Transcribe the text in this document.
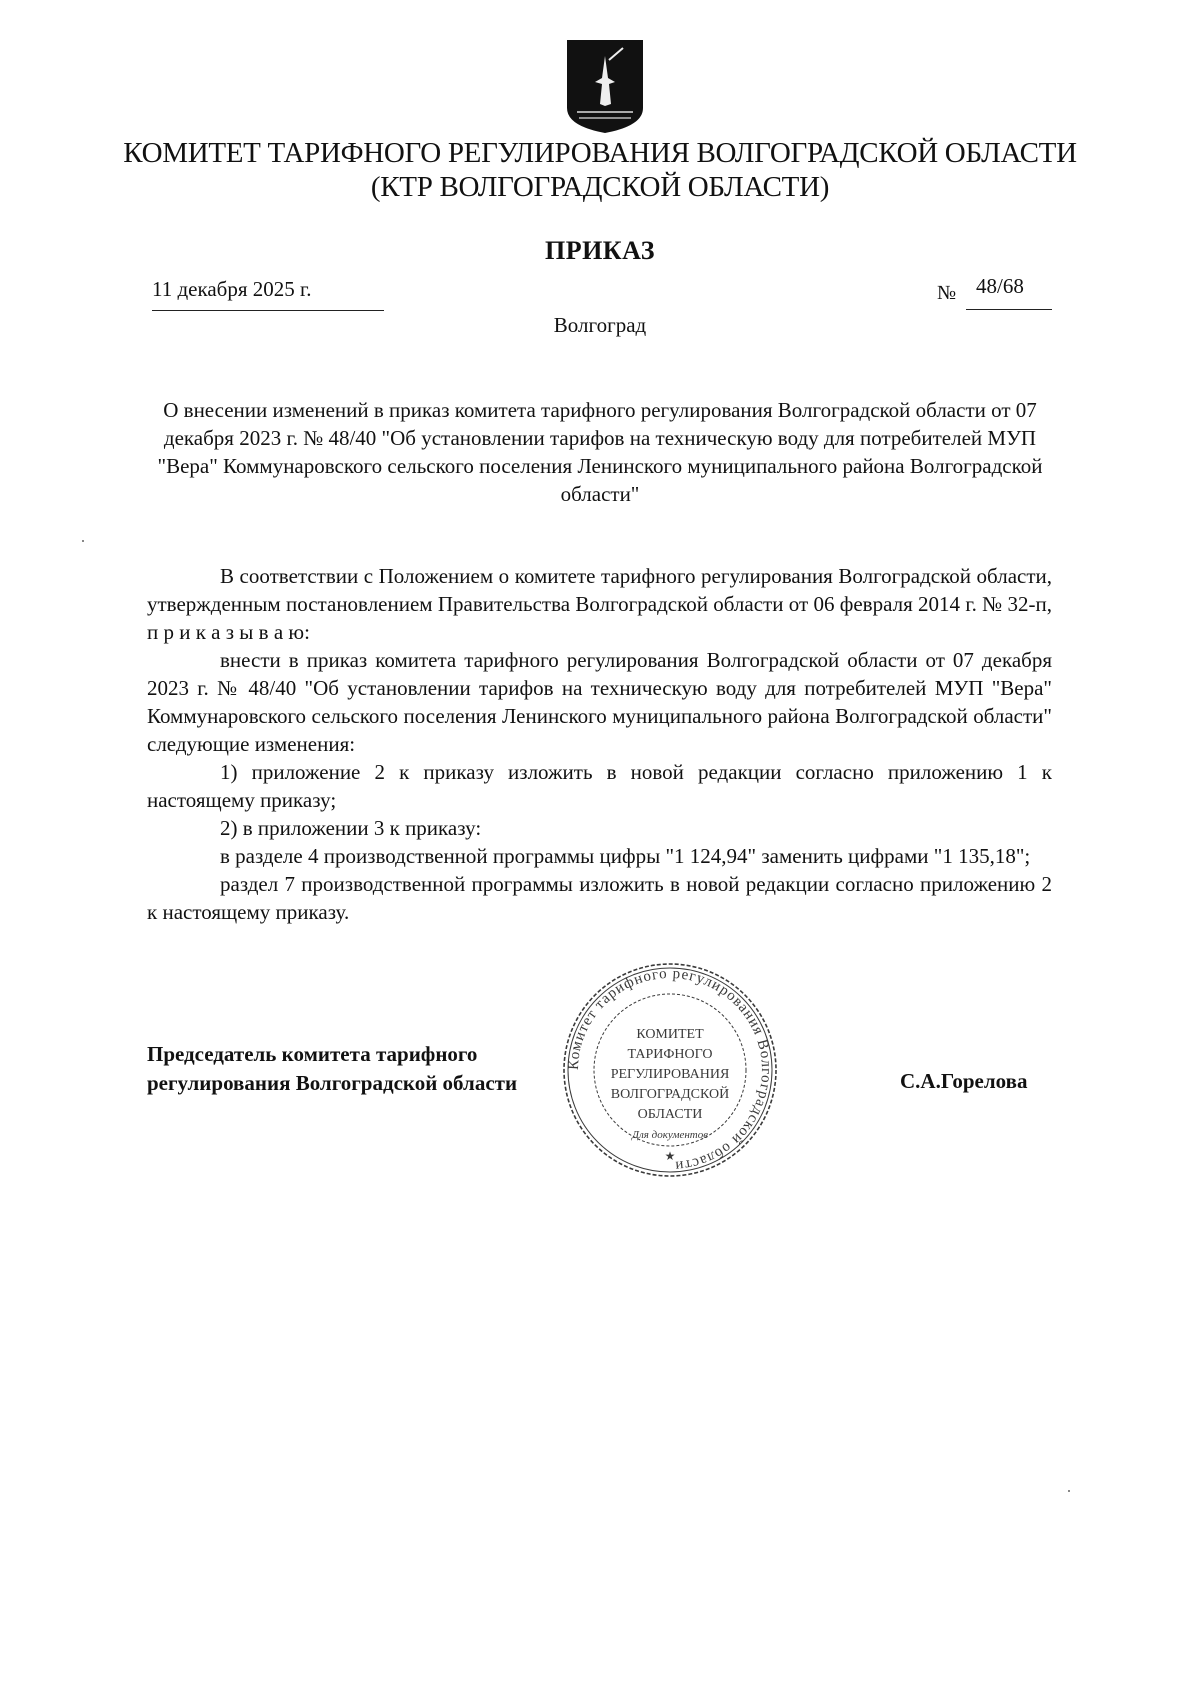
КОМИТЕТ ТАРИФНОГО РЕГУЛИРОВАНИЯ ВОЛГОГРАДСКОЙ ОБЛАСТИ
(КТР ВОЛГОГРАДСКОЙ ОБЛАСТИ)
ПРИКАЗ
11 декабря 2025 г.	№ 48/68
Волгоград
О внесении изменений в приказ комитета тарифного регулирования Волгоградской области от 07 декабря 2023 г. № 48/40 "Об установлении тарифов на техническую воду для потребителей МУП "Вера" Коммунаровского сельского поселения Ленинского муниципального района Волгоградской области"

В соответствии с Положением о комитете тарифного регулирования Волгоградской области, утвержденным постановлением Правительства Волгоградской области от 06 февраля 2014 г. № 32-п, п р и к а з ы в а ю:

внести в приказ комитета тарифного регулирования Волгоградской области от 07 декабря 2023 г. № 48/40 "Об установлении тарифов на техническую воду для потребителей МУП "Вера" Коммунаровского сельского поселения Ленинского муниципального района Волгоградской области" следующие изменения:

1) приложение 2 к приказу изложить в новой редакции согласно приложению 1 к настоящему приказу;

2) в приложении 3 к приказу:

в разделе 4 производственной программы цифры "1 124,94" заменить цифрами "1 135,18";

раздел 7 производственной программы изложить в новой редакции согласно приложению 2 к настоящему приказу.

Комитет тарифного регулирования Волгоградской области
КОМИТЕТ
ТАРИФНОГО
РЕГУЛИРОВАНИЯ
ВОЛГОГРАДСКОЙ
ОБЛАСТИ
Для документов
★
Председатель комитета тарифного
регулирования Волгоградской области	С.А.Горелова
